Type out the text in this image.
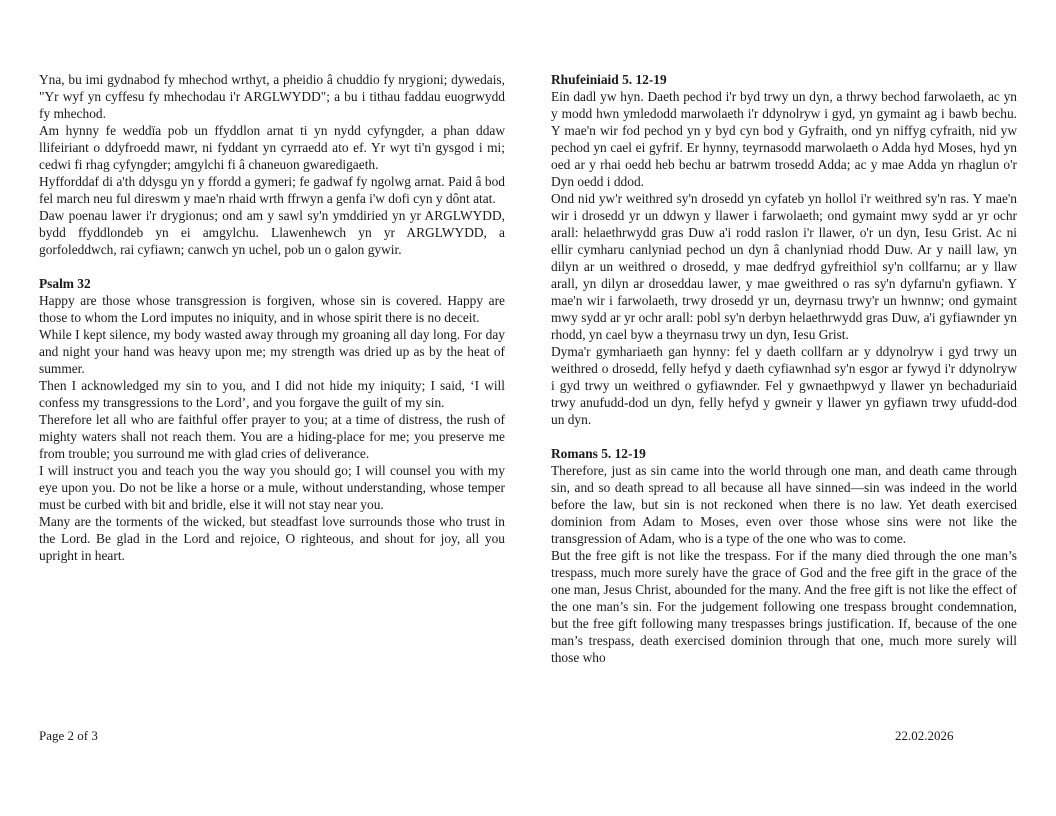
Yna, bu imi gydnabod fy mhechod wrthyt, a pheidio â chuddio fy nrygioni; dywedais, "Yr wyf yn cyffesu fy mhechodau i'r ARGLWYDD"; a bu i tithau faddau euogrwydd fy mhechod.

Am hynny fe weddïa pob un ffyddlon arnat ti yn nydd cyfyngder, a phan ddaw llifeiriant o ddyfroedd mawr, ni fyddant yn cyrraedd ato ef. Yr wyt ti'n gysgod i mi; cedwi fi rhag cyfyngder; amgylchi fi â chaneuon gwaredigaeth.

Hyfforddaf di a'th ddysgu yn y ffordd a gymeri; fe gadwaf fy ngolwg arnat. Paid â bod fel march neu ful direswm y mae'n rhaid wrth ffrwyn a genfa i'w dofi cyn y dônt atat.

Daw poenau lawer i'r drygionus; ond am y sawl sy'n ymddiried yn yr ARGLWYDD, bydd ffyddlondeb yn ei amgylchu. Llawenhewch yn yr ARGLWYDD, a gorfoleddwch, rai cyfiawn; canwch yn uchel, pob un o galon gywir.

Psalm 32

Happy are those whose transgression is forgiven, whose sin is covered. Happy are those to whom the Lord imputes no iniquity, and in whose spirit there is no deceit.

While I kept silence, my body wasted away through my groaning all day long. For day and night your hand was heavy upon me; my strength was dried up as by the heat of summer.

Then I acknowledged my sin to you, and I did not hide my iniquity; I said, ‘I will confess my transgressions to the Lord’, and you forgave the guilt of my sin.

Therefore let all who are faithful offer prayer to you; at a time of distress, the rush of mighty waters shall not reach them. You are a hiding-place for me; you preserve me from trouble; you surround me with glad cries of deliverance.

I will instruct you and teach you the way you should go; I will counsel you with my eye upon you. Do not be like a horse or a mule, without understanding, whose temper must be curbed with bit and bridle, else it will not stay near you.

Many are the torments of the wicked, but steadfast love surrounds those who trust in the Lord. Be glad in the Lord and rejoice, O righteous, and shout for joy, all you upright in heart.

Rhufeiniaid 5. 12-19

Ein dadl yw hyn. Daeth pechod i'r byd trwy un dyn, a thrwy bechod farwolaeth, ac yn y modd hwn ymledodd marwolaeth i'r ddynolryw i gyd, yn gymaint ag i bawb bechu. Y mae'n wir fod pechod yn y byd cyn bod y Gyfraith, ond yn niffyg cyfraith, nid yw pechod yn cael ei gyfrif. Er hynny, teyrnasodd marwolaeth o Adda hyd Moses, hyd yn oed ar y rhai oedd heb bechu ar batrwm trosedd Adda; ac y mae Adda yn rhaglun o'r Dyn oedd i ddod.

Ond nid yw'r weithred sy'n drosedd yn cyfateb yn hollol i'r weithred sy'n ras. Y mae'n wir i drosedd yr un ddwyn y llawer i farwolaeth; ond gymaint mwy sydd ar yr ochr arall: helaethrwydd gras Duw a'i rodd raslon i'r llawer, o'r un dyn, Iesu Grist. Ac ni ellir cymharu canlyniad pechod un dyn â chanlyniad rhodd Duw. Ar y naill law, yn dilyn ar un weithred o drosedd, y mae dedfryd gyfreithiol sy'n collfarnu; ar y llaw arall, yn dilyn ar droseddau lawer, y mae gweithred o ras sy'n dyfarnu'n gyfiawn. Y mae'n wir i farwolaeth, trwy drosedd yr un, deyrnasu trwy'r un hwnnw; ond gymaint mwy sydd ar yr ochr arall: pobl sy'n derbyn helaethrwydd gras Duw, a'i gyfiawnder yn rhodd, yn cael byw a theyrnasu trwy un dyn, Iesu Grist.

Dyma'r gymhariaeth gan hynny: fel y daeth collfarn ar y ddynolryw i gyd trwy un weithred o drosedd, felly hefyd y daeth cyfiawnhad sy'n esgor ar fywyd i'r ddynolryw i gyd trwy un weithred o gyfiawnder. Fel y gwnaethpwyd y llawer yn bechaduriaid trwy anufudd-dod un dyn, felly hefyd y gwneir y llawer yn gyfiawn trwy ufudd-dod un dyn.

Romans 5. 12-19

Therefore, just as sin came into the world through one man, and death came through sin, and so death spread to all because all have sinned—sin was indeed in the world before the law, but sin is not reckoned when there is no law. Yet death exercised dominion from Adam to Moses, even over those whose sins were not like the transgression of Adam, who is a type of the one who was to come.

But the free gift is not like the trespass. For if the many died through the one man’s trespass, much more surely have the grace of God and the free gift in the grace of the one man, Jesus Christ, abounded for the many. And the free gift is not like the effect of the one man’s sin. For the judgement following one trespass brought condemnation, but the free gift following many trespasses brings justification. If, because of the one man’s trespass, death exercised dominion through that one, much more surely will those who

Page 2 of 3	22.02.2026
